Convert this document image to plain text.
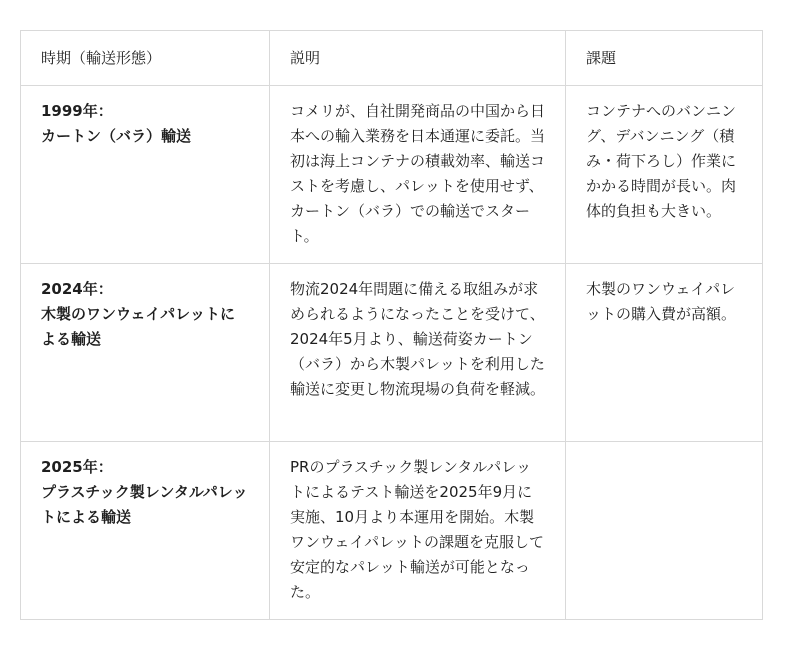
時期（輸送形態）	説明	課題

1999年：
カートン（バラ）輸送	コメリが、自社開発商品の中国から日本への輸入業務を日本通運に委託。当初は海上コンテナの積載効率、輸送コストを考慮し、パレットを使用せず、カートン（バラ）での輸送でスタート。	コンテナへのバンニング、デバンニング（積み・荷下ろし）作業にかかる時間が長い。肉体的負担も大きい。

2024年：
木製のワンウェイパレットによる輸送	物流2024年問題に備える取組みが求められるようになったことを受けて、2024年5月より、輸送荷姿カートン（バラ）から木製パレットを利用した輸送に変更し物流現場の負荷を軽減。	木製のワンウェイパレットの購入費が高額。

2025年：
プラスチック製レンタルパレットによる輸送	PRのプラスチック製レンタルパレットによるテスト輸送を2025年9月に実施、10月より本運用を開始。木製ワンウェイパレットの課題を克服して安定的なパレット輸送が可能となった。	
